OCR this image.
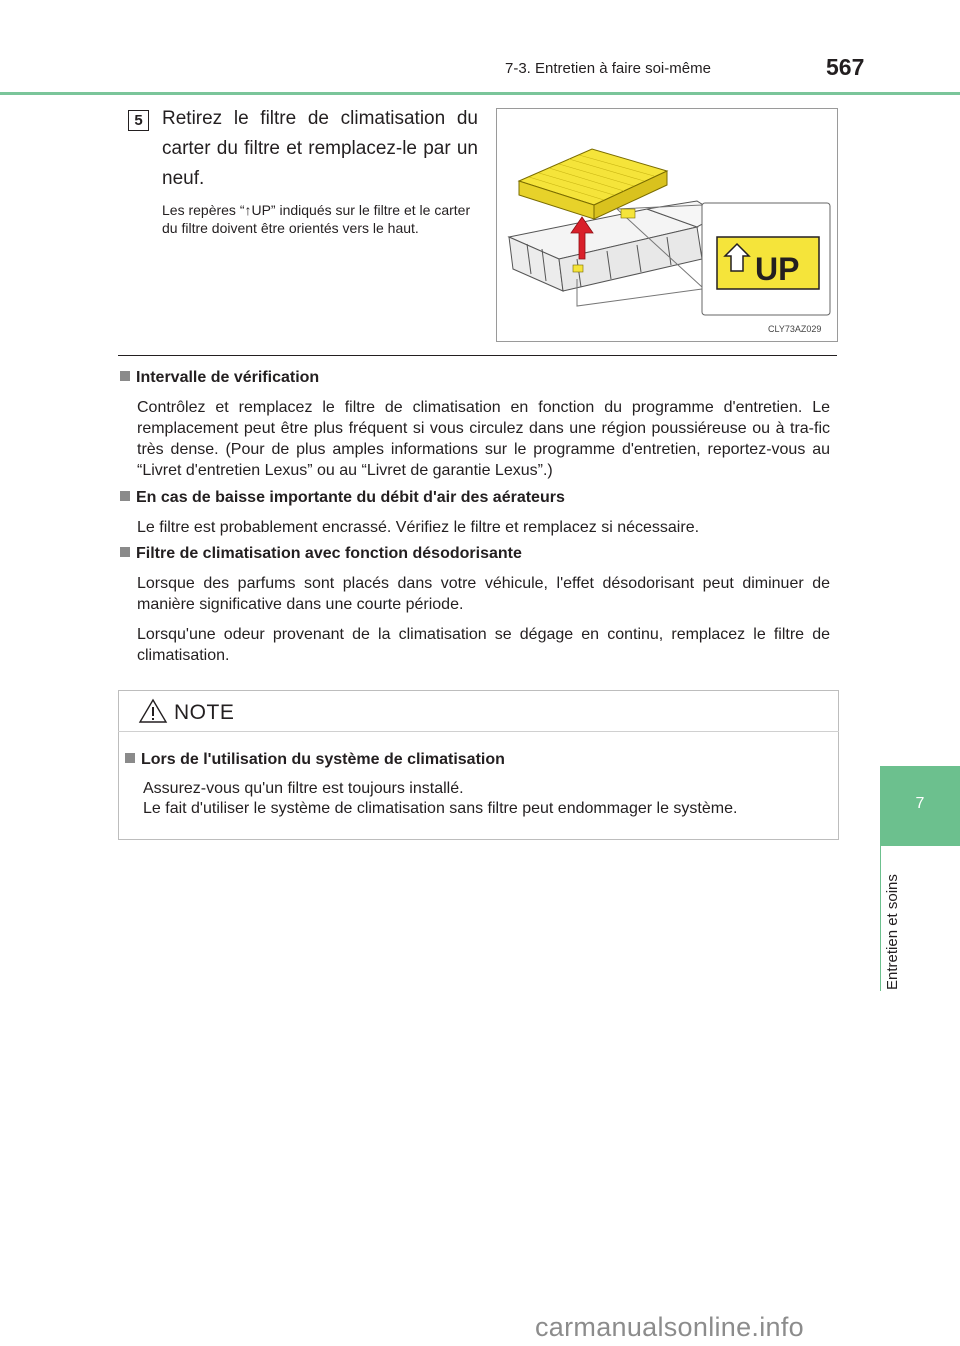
7-3. Entretien à faire soi-même	567
7
Entretien et soins
5	Retirez le filtre de climatisation du carter du filtre et remplacez-le par un neuf.
Les repères “↑UP” indiqués sur le filtre et le carter du filtre doivent être orientés vers le haut.
UP
CLY73AZ029
Intervalle de vérification
Contrôlez et remplacez le filtre de climatisation en fonction du programme d'entretien. Le remplacement peut être plus fréquent si vous circulez dans une région poussiéreuse ou à tra-fic très dense. (Pour de plus amples informations sur le programme d'entretien, reportez-vous au “Livret d'entretien Lexus” ou au “Livret de garantie Lexus”.)
En cas de baisse importante du débit d'air des aérateurs
Le filtre est probablement encrassé. Vérifiez le filtre et remplacez si nécessaire.
Filtre de climatisation avec fonction désodorisante
Lorsque des parfums sont placés dans votre véhicule, l'effet désodorisant peut diminuer de manière significative dans une courte période.
Lorsqu'une odeur provenant de la climatisation se dégage en continu, remplacez le filtre de climatisation.
NOTE
Lors de l'utilisation du système de climatisation
Assurez-vous qu'un filtre est toujours installé.
Le fait d'utiliser le système de climatisation sans filtre peut endommager le système.
carmanualsonline.info
